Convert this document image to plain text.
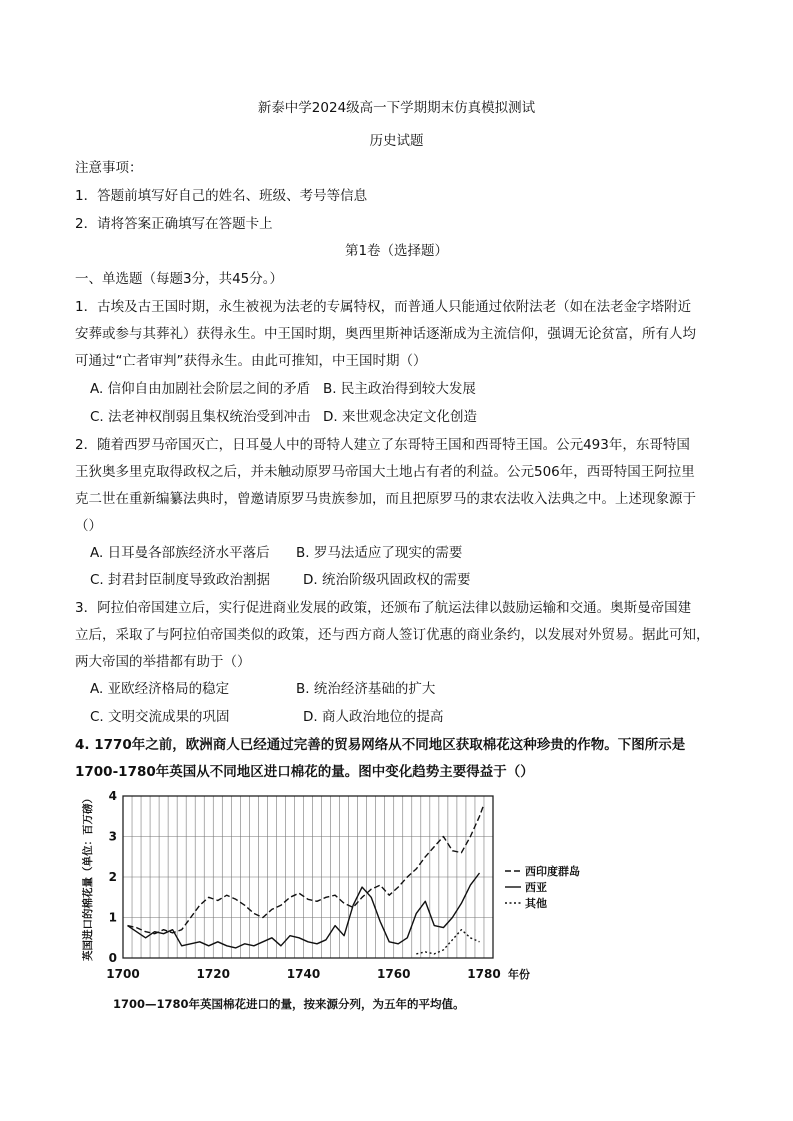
新泰中学2024级高一下学期期末仿真模拟测试
历史试题
注意事项：
1．答题前填写好自己的姓名、班级、考号等信息
2．请将答案正确填写在答题卡上
第1卷（选择题）
一、单选题（每题3分，共45分。）
1．古埃及古王国时期，永生被视为法老的专属特权，而普通人只能通过依附法老（如在法老金字塔附近
安葬或参与其葬礼）获得永生。中王国时期，奥西里斯神话逐渐成为主流信仰，强调无论贫富，所有人均
可通过“亡者审判”获得永生。由此可推知，中王国时期（）
A. 信仰自由加剧社会阶层之间的矛盾 B. 民主政治得到较大发展
C. 法老神权削弱且集权统治受到冲击 D. 来世观念决定文化创造
2．随着西罗马帝国灭亡，日耳曼人中的哥特人建立了东哥特王国和西哥特王国。公元493年，东哥特国
王狄奥多里克取得政权之后，并未触动原罗马帝国大土地占有者的利益。公元506年，西哥特国王阿拉里
克二世在重新编纂法典时，曾邀请原罗马贵族参加，而且把原罗马的隶农法收入法典之中。上述现象源于
（）
A. 日耳曼各部族经济水平落后 B. 罗马法适应了现实的需要
C. 封君封臣制度导致政治割据 D. 统治阶级巩固政权的需要
3．阿拉伯帝国建立后，实行促进商业发展的政策，还颁布了航运法律以鼓励运输和交通。奥斯曼帝国建
立后，采取了与阿拉伯帝国类似的政策，还与西方商人签订优惠的商业条约，以发展对外贸易。据此可知，
两大帝国的举措都有助于（）
A. 亚欧经济格局的稳定	B. 统治经济基础的扩大
C. 文明交流成果的巩固	D. 商人政治地位的提高
4. 1770年之前，欧洲商人已经通过完善的贸易网络从不同地区获取棉花这种珍贵的作物。下图所示是
1700-1780年英国从不同地区进口棉花的量。图中变化趋势主要得益于（）
0
1
2
3
4
1700	1720	1740	1760	1780
英国进口的棉花量（单位：百万磅）
年份
西印度群岛
西亚
其他
1700—1780年英国棉花进口的量，按来源分列，为五年的平均值。
